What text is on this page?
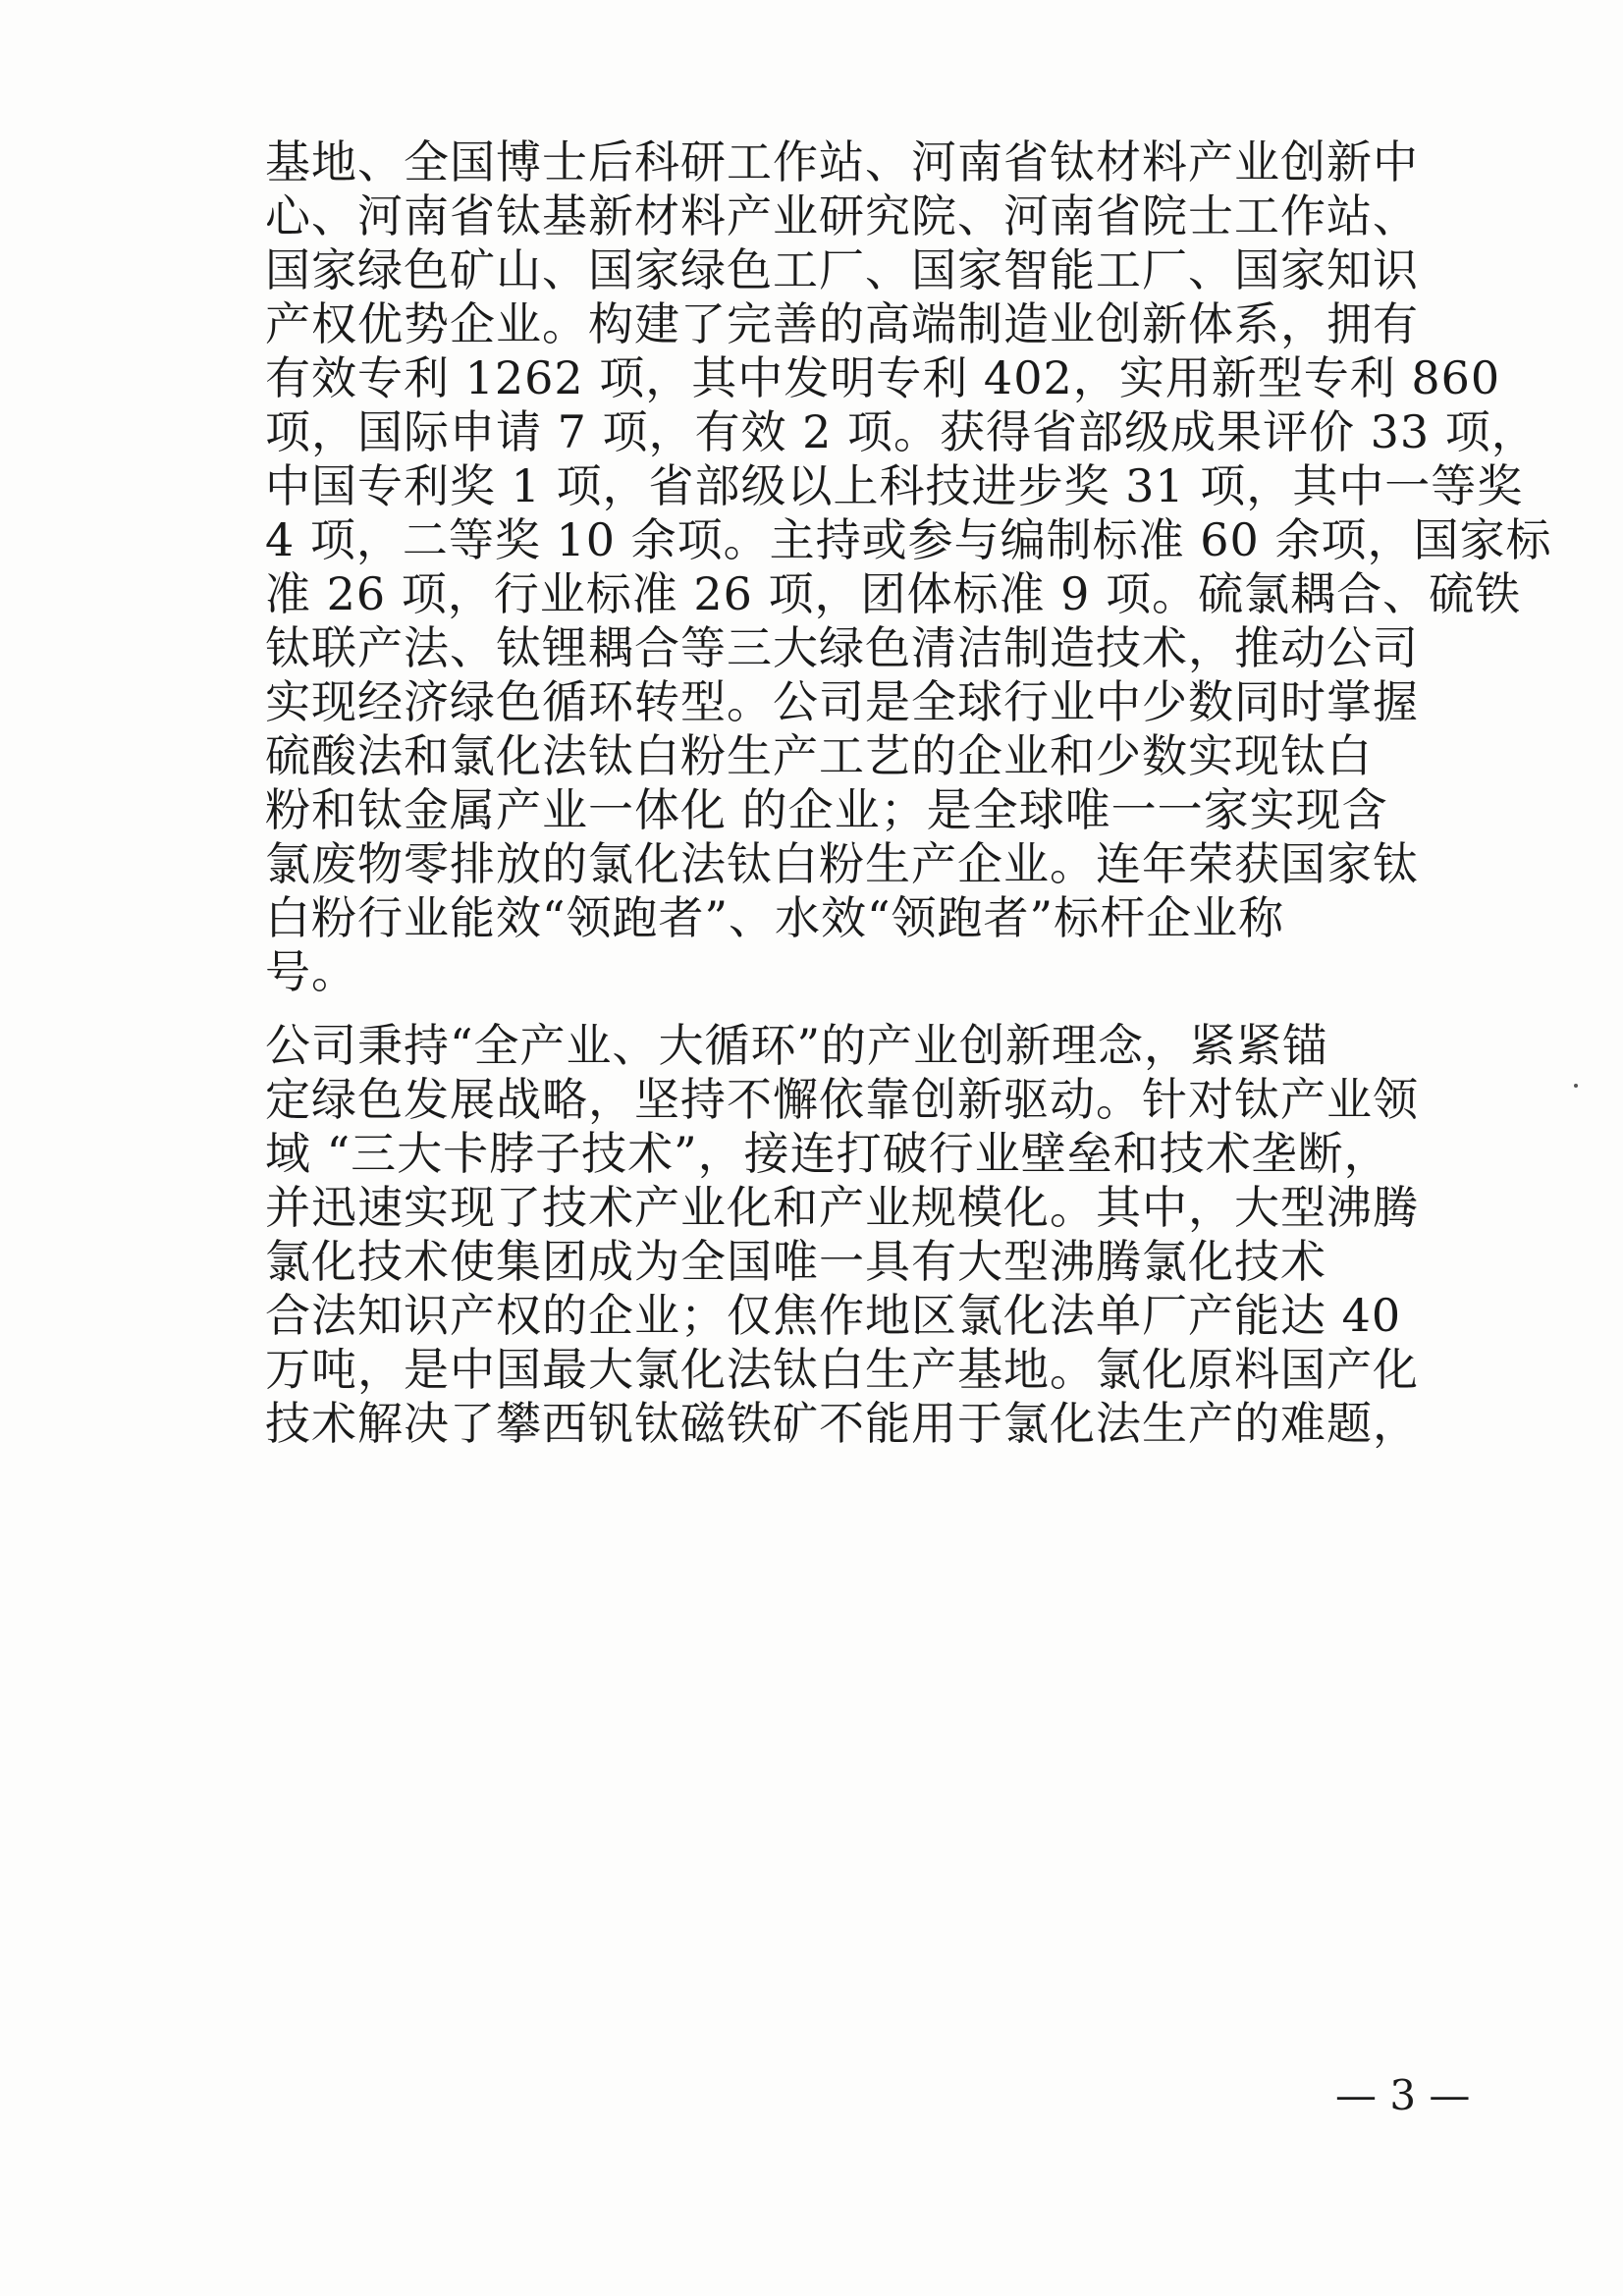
基地、全国博士后科研工作站、河南省钛材料产业创新中
心、河南省钛基新材料产业研究院、河南省院士工作站、
国家绿色矿山、国家绿色工厂、国家智能工厂、国家知识
产权优势企业。构建了完善的高端制造业创新体系，拥有
有效专利 1262 项，其中发明专利 402，实用新型专利 860
项，国际申请 7 项，有效 2 项。获得省部级成果评价 33 项，
中国专利奖 1 项，省部级以上科技进步奖 31 项，其中一等奖
4 项，二等奖 10 余项。主持或参与编制标准 60 余项，国家标
准 26 项，行业标准 26 项，团体标准 9 项。硫氯耦合、硫铁
钛联产法、钛锂耦合等三大绿色清洁制造技术，推动公司
实现经济绿色循环转型。公司是全球行业中少数同时掌握
硫酸法和氯化法钛白粉生产工艺的企业和少数实现钛白
粉和钛金属产业一体化 的企业；是全球唯一一家实现含
氯废物零排放的氯化法钛白粉生产企业。连年荣获国家钛
白粉行业能效“领跑者”、水效“领跑者”标杆企业称
号。
公司秉持“全产业、大循环”的产业创新理念，紧紧锚
定绿色发展战略，坚持不懈依靠创新驱动。针对钛产业领
域 “三大卡脖子技术”，接连打破行业壁垒和技术垄断，
并迅速实现了技术产业化和产业规模化。其中，大型沸腾
氯化技术使集团成为全国唯一具有大型沸腾氯化技术
合法知识产权的企业；仅焦作地区氯化法单厂产能达 40
万吨，是中国最大氯化法钛白生产基地。氯化原料国产化
技术解决了攀西钒钛磁铁矿不能用于氯化法生产的难题，
— 3 —
